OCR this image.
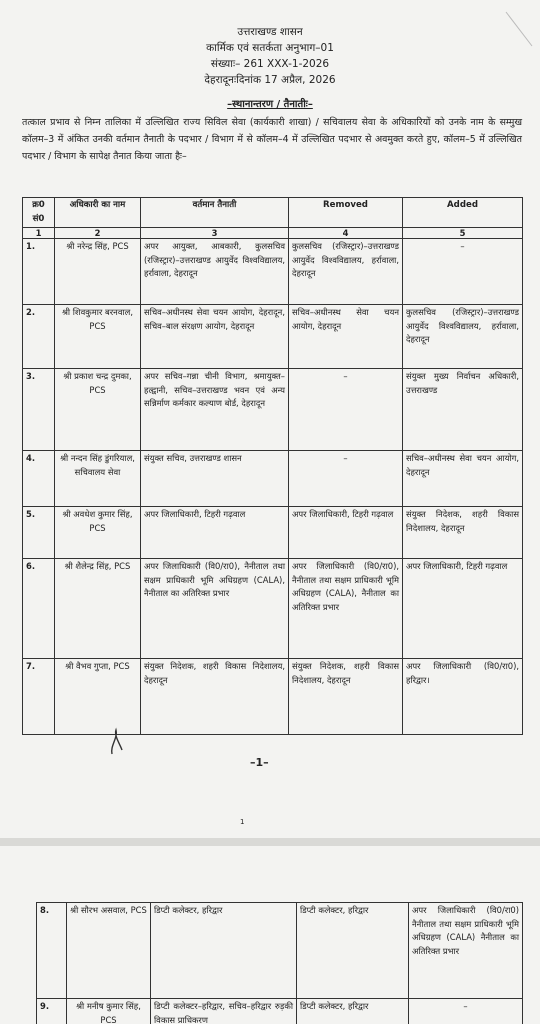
उत्तराखण्ड शासन
कार्मिक एवं सतर्कता अनुभाग–01
संख्याः– 261 XXX-1-2026
देहरादूनःदिनांक 17 अप्रैल, 2026
–स्थानान्तरण / तैनातीः–
तत्काल प्रभाव से निम्न तालिका में उल्लिखित राज्य सिविल सेवा (कार्यकारी शाखा) / सचिवालय सेवा के अधिकारियों को उनके नाम के सम्मुख कॉलम–3 में अंकित उनकी वर्तमान तैनाती के पदभार / विभाग में से कॉलम–4 में उल्लिखित पदभार से अवमुक्त करते हुए, कॉलम–5 में उल्लिखित पदभार / विभाग के सापेक्ष तैनात किया जाता हैः–
क्र0 सं0	अधिकारी का नाम	वर्तमान तैनाती	Removed	Added
1	2	3	4	5
1.	श्री नरेन्द्र सिंह, PCS	अपर आयुक्त, आबकारी, कुलसचिव (रजिस्ट्रार)–उत्तराखण्ड आयुर्वेद विश्वविद्यालय, हर्रावाला, देहरादून	कुलसचिव (रजिस्ट्रार)–उत्तराखण्ड आयुर्वेद विश्वविद्यालय, हर्रावाला, देहरादून	–
2.	श्री शिवकुमार बरनवाल, PCS	सचिव–अधीनस्थ सेवा चयन आयोग, देहरादून, सचिव–बाल संरक्षण आयोग, देहरादून	सचिव–अधीनस्थ सेवा चयन आयोग, देहरादून	कुलसचिव (रजिस्ट्रार)–उत्तराखण्ड आयुर्वेद विश्वविद्यालय, हर्रावाला, देहरादून
3.	श्री प्रकाश चन्द्र दुमका, PCS	अपर सचिव–गन्ना चीनी विभाग, श्रमायुक्त–हल्द्वानी, सचिव–उत्तराखण्ड भवन एवं अन्य सन्निर्माण कर्मकार कल्याण बोर्ड, देहरादून	–	संयुक्त मुख्य निर्वाचन अधिकारी, उत्तराखण्ड
4.	श्री नन्दन सिंह डुंगरियाल, सचिवालय सेवा	संयुक्त सचिव, उत्तराखण्ड शासन	–	सचिव–अधीनस्थ सेवा चयन आयोग, देहरादून
5.	श्री अवधेश कुमार सिंह, PCS	अपर जिलाधिकारी, टिहरी गढ़वाल	अपर जिलाधिकारी, टिहरी गढ़वाल	संयुक्त निदेशक, शहरी विकास निदेशालय, देहरादून
6.	श्री शैलेन्द्र सिंह, PCS	अपर जिलाधिकारी (वि0/रा0), नैनीताल तथा सक्षम प्राधिकारी भूमि अधिग्रहण (CALA), नैनीताल का अतिरिक्त प्रभार	अपर जिलाधिकारी (वि0/रा0), नैनीताल तथा सक्षम प्राधिकारी भूमि अधिग्रहण (CALA), नैनीताल का अतिरिक्त प्रभार	अपर जिलाधिकारी, टिहरी गढ़वाल
7.	श्री वैभव गुप्ता, PCS	संयुक्त निदेशक, शहरी विकास निदेशालय, देहरादून	संयुक्त निदेशक, शहरी विकास निदेशालय, देहरादून	अपर जिलाधिकारी (वि0/रा0), हरिद्वार।
–1–
1
8.	श्री सौरभ असवाल, PCS	डिप्टी कलेक्टर, हरिद्वार	डिप्टी कलेक्टर, हरिद्वार	अपर जिलाधिकारी (वि0/रा0) नैनीताल तथा सक्षम प्राधिकारी भूमि अधिग्रहण (CALA) नैनीताल का अतिरिक्त प्रभार
9.	श्री मनीष कुमार सिंह, PCS	डिप्टी कलेक्टर–हरिद्वार, सचिव–हरिद्वार रुड़की विकास प्राधिकरण	डिप्टी कलेक्टर, हरिद्वार	–
